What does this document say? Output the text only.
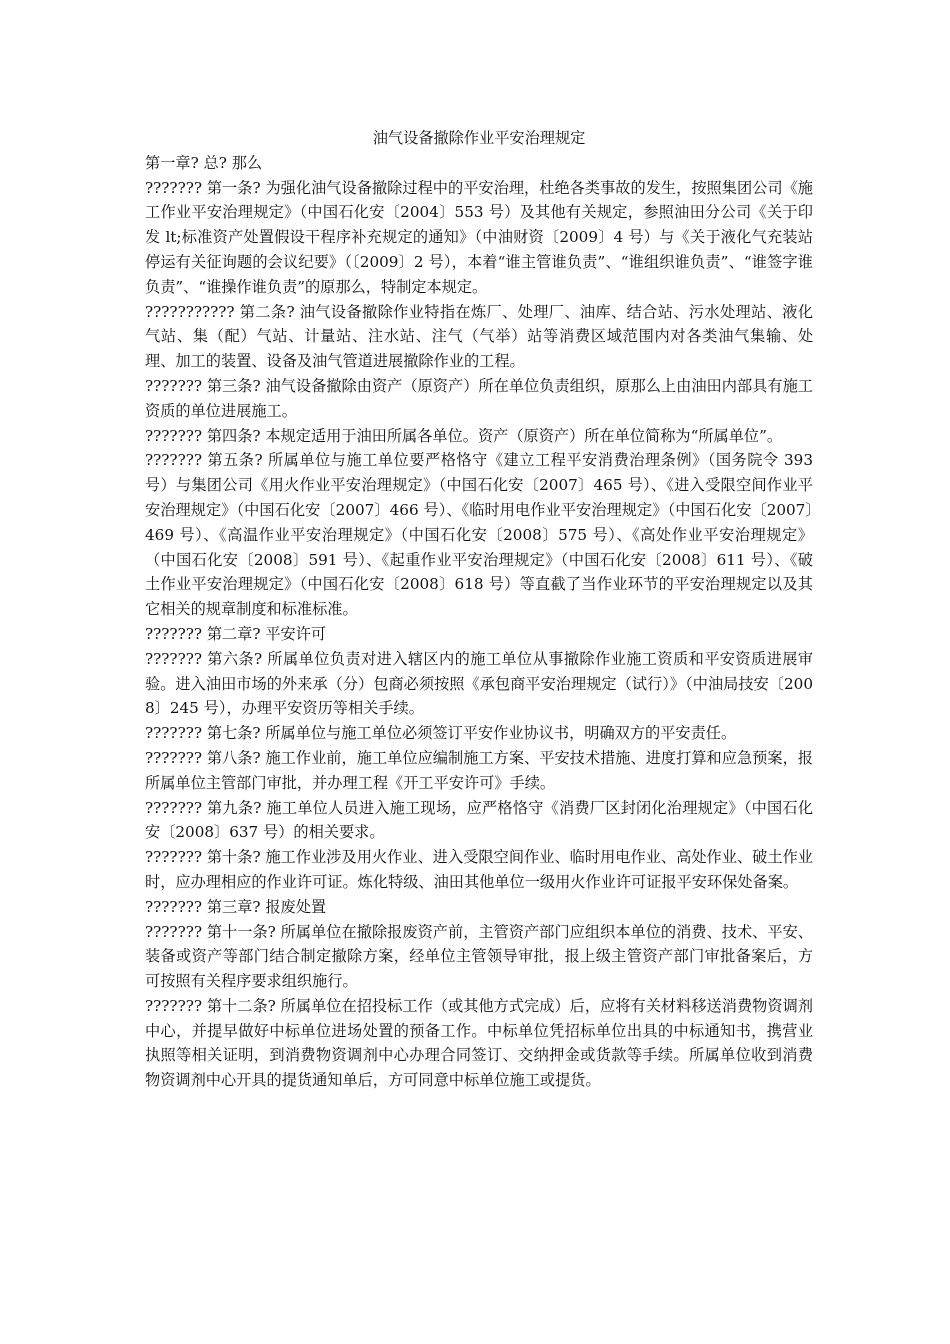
油气设备撤除作业平安治理规定

第一章? 总? 那么

??????? 第一条? 为强化油气设备撤除过程中的平安治理，杜绝各类事故的发生，按照集团公司《施工作业平安治理规定》（中国石化安〔2004〕553 号）及其他有关规定，参照油田分公司《关于印发 lt;标准资产处置假设干程序补充规定的通知》（中油财资〔2009〕4 号）与《关于液化气充装站停运有关征询题的会议纪要》（〔2009〕2 号），本着“谁主管谁负责”、“谁组织谁负责”、“谁签字谁负责”、“谁操作谁负责”的原那么，特制定本规定。

??????????? 第二条? 油气设备撤除作业特指在炼厂、处理厂、油库、结合站、污水处理站、液化气站、集（配）气站、计量站、注水站、注气（气举）站等消费区域范围内对各类油气集输、处理、加工的装置、设备及油气管道进展撤除作业的工程。

??????? 第三条? 油气设备撤除由资产（原资产）所在单位负责组织，原那么上由油田内部具有施工资质的单位进展施工。

??????? 第四条? 本规定适用于油田所属各单位。资产（原资产）所在单位简称为“所属单位”。

??????? 第五条? 所属单位与施工单位要严格恪守《建立工程平安消费治理条例》（国务院令 393 号）与集团公司《用火作业平安治理规定》（中国石化安〔2007〕465 号）、《进入受限空间作业平安治理规定》（中国石化安〔2007〕466 号）、《临时用电作业平安治理规定》（中国石化安〔2007〕469 号）、《高温作业平安治理规定》（中国石化安〔2008〕575 号）、《高处作业平安治理规定》（中国石化安〔2008〕591 号）、《起重作业平安治理规定》（中国石化安〔2008〕611 号）、《破土作业平安治理规定》（中国石化安〔2008〕618 号）等直截了当作业环节的平安治理规定以及其它相关的规章制度和标准标准。

??????? 第二章? 平安许可

??????? 第六条? 所属单位负责对进入辖区内的施工单位从事撤除作业施工资质和平安资质进展审验。进入油田市场的外来承（分）包商必须按照《承包商平安治理规定（试行）》（中油局技安〔2008〕245 号），办理平安资历等相关手续。

??????? 第七条? 所属单位与施工单位必须签订平安作业协议书，明确双方的平安责任。

??????? 第八条? 施工作业前，施工单位应编制施工方案、平安技术措施、进度打算和应急预案，报所属单位主管部门审批，并办理工程《开工平安许可》手续。

??????? 第九条? 施工单位人员进入施工现场，应严格恪守《消费厂区封闭化治理规定》（中国石化安〔2008〕637 号）的相关要求。

??????? 第十条? 施工作业涉及用火作业、进入受限空间作业、临时用电作业、高处作业、破土作业时，应办理相应的作业许可证。炼化特级、油田其他单位一级用火作业许可证报平安环保处备案。

??????? 第三章? 报废处置

??????? 第十一条? 所属单位在撤除报废资产前，主管资产部门应组织本单位的消费、技术、平安、装备或资产等部门结合制定撤除方案，经单位主管领导审批，报上级主管资产部门审批备案后，方可按照有关程序要求组织施行。

??????? 第十二条? 所属单位在招投标工作（或其他方式完成）后，应将有关材料移送消费物资调剂中心，并提早做好中标单位进场处置的预备工作。中标单位凭招标单位出具的中标通知书，携营业执照等相关证明，到消费物资调剂中心办理合同签订、交纳押金或货款等手续。所属单位收到消费物资调剂中心开具的提货通知单后，方可同意中标单位施工或提货。
